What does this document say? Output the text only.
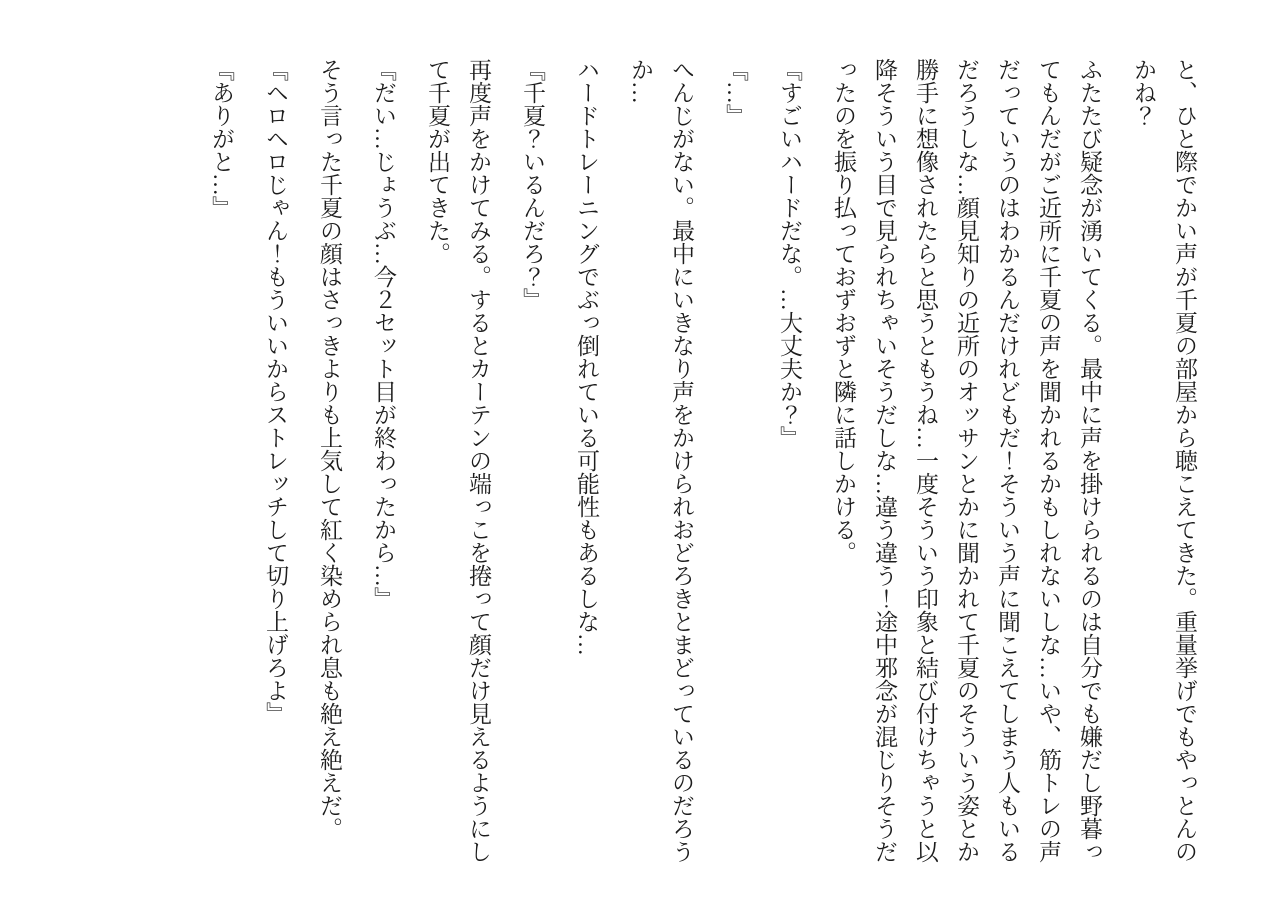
と、ひと際でかい声が千夏の部屋から聴こえてきた。重量挙げでもやっとんのかね？

ふたたび疑念が湧いてくる。最中に声を掛けられるのは自分でも嫌だし野暮ってもんだがご近所に千夏の声を聞かれるかもしれないしな…いや、筋トレの声だっていうのはわかるんだけれどもだ！そういう声に聞こえてしまう人もいるだろうしな…顔見知りの近所のオッサンとかに聞かれて千夏のそういう姿とか勝手に想像されたらと思うともうね…一度そういう印象と結び付けちゃうと以降そういう目で見られちゃいそうだしな…違う違う！途中邪念が混じりそうだったのを振り払っておずおずと隣に話しかける。

『すごいハードだな。…大丈夫か？』

『…』

へんじがない。最中にいきなり声をかけられおどろきとまどっているのだろうか…

ハードトレーニングでぶっ倒れている可能性もあるしな…

『千夏？いるんだろ？』

再度声をかけてみる。するとカーテンの端っこを捲って顔だけ見えるようにして千夏が出てきた。

『だい…じょうぶ…今２セット目が終わったから…』

そう言った千夏の顔はさっきよりも上気して紅く染められ息も絶え絶えだ。

『ヘロヘロじゃん！もういいからストレッチして切り上げろよ』

『ありがと…』
